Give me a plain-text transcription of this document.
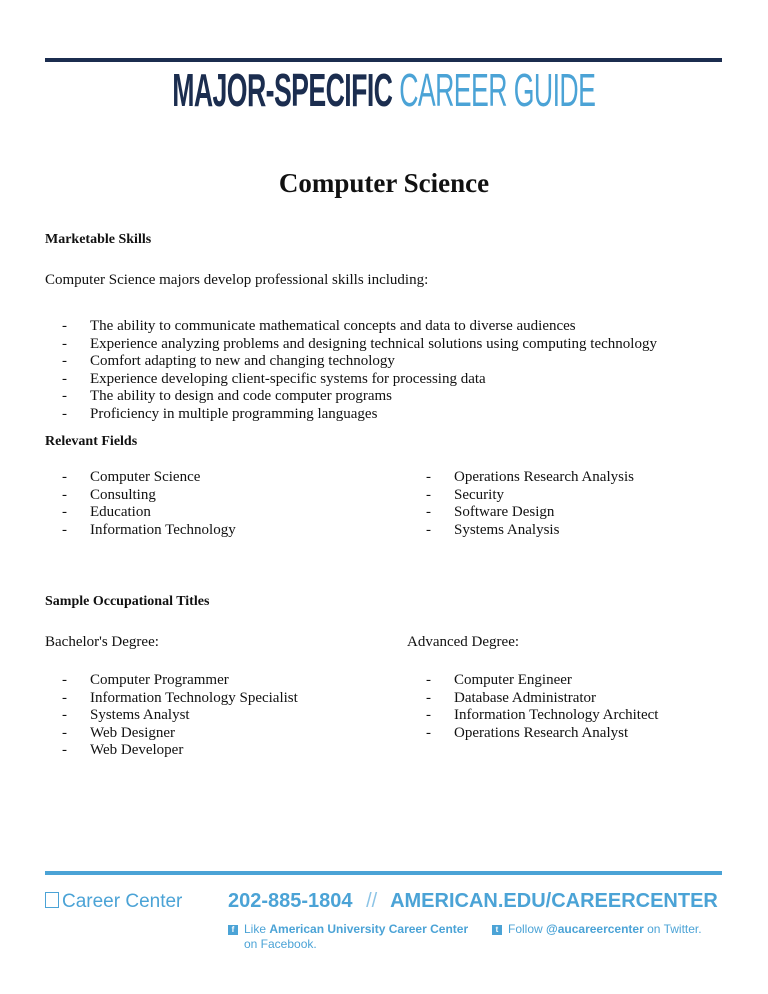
MAJOR-SPECIFIC CAREER GUIDE
Computer Science
Marketable Skills
Computer Science majors develop professional skills including:
- The ability to communicate mathematical concepts and data to diverse audiences
- Experience analyzing problems and designing technical solutions using computing technology
- Comfort adapting to new and changing technology
- Experience developing client-specific systems for processing data
- The ability to design and code computer programs
- Proficiency in multiple programming languages
Relevant Fields
- Computer Science
- Consulting
- Education
- Information Technology
- Operations Research Analysis
- Security
- Software Design
- Systems Analysis
Sample Occupational Titles
Bachelor's Degree:	Advanced Degree:
- Computer Programmer
- Information Technology Specialist
- Systems Analyst
- Web Designer
- Web Developer
- Computer Engineer
- Database Administrator
- Information Technology Architect
- Operations Research Analyst
Career Center 202-885-1804 // AMERICAN.EDU/CAREERCENTER
f Like American University Career Center
on Facebook.
t Follow @aucareercenter on Twitter.
